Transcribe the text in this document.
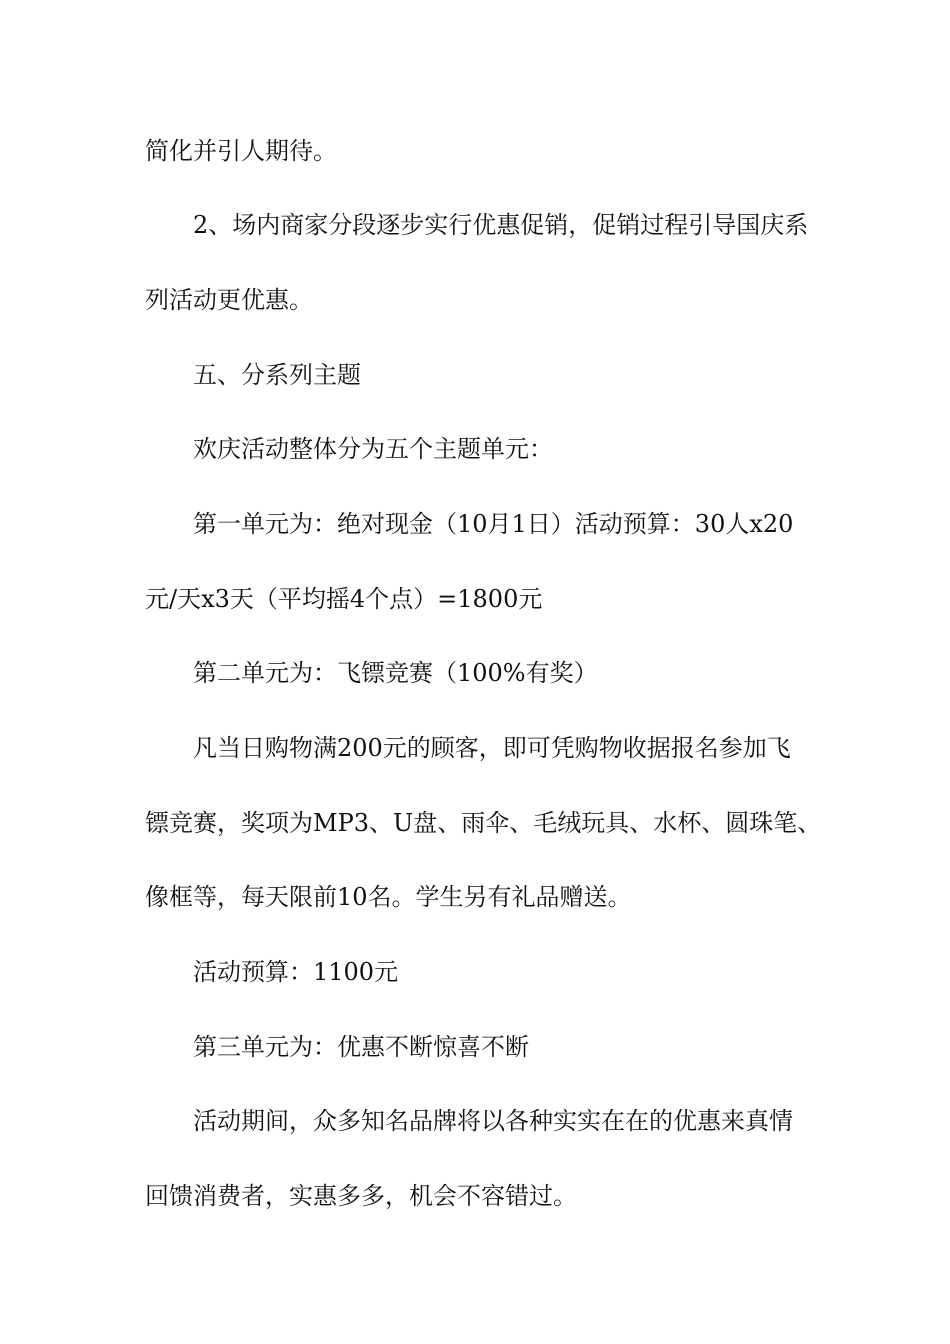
简化并引人期待。
2、场内商家分段逐步实行优惠促销，促销过程引导国庆系
列活动更优惠。
五、分系列主题
欢庆活动整体分为五个主题单元：
第一单元为：绝对现金（10月1日）活动预算：30人x20
元/天x3天（平均摇4个点）=1800元
第二单元为：飞镖竞赛（100%有奖）
凡当日购物满200元的顾客，即可凭购物收据报名参加飞
镖竞赛，奖项为MP3、U盘、雨伞、毛绒玩具、水杯、圆珠笔、
像框等，每天限前10名。学生另有礼品赠送。
活动预算：1100元
第三单元为：优惠不断惊喜不断
活动期间，众多知名品牌将以各种实实在在的优惠来真情
回馈消费者，实惠多多，机会不容错过。
